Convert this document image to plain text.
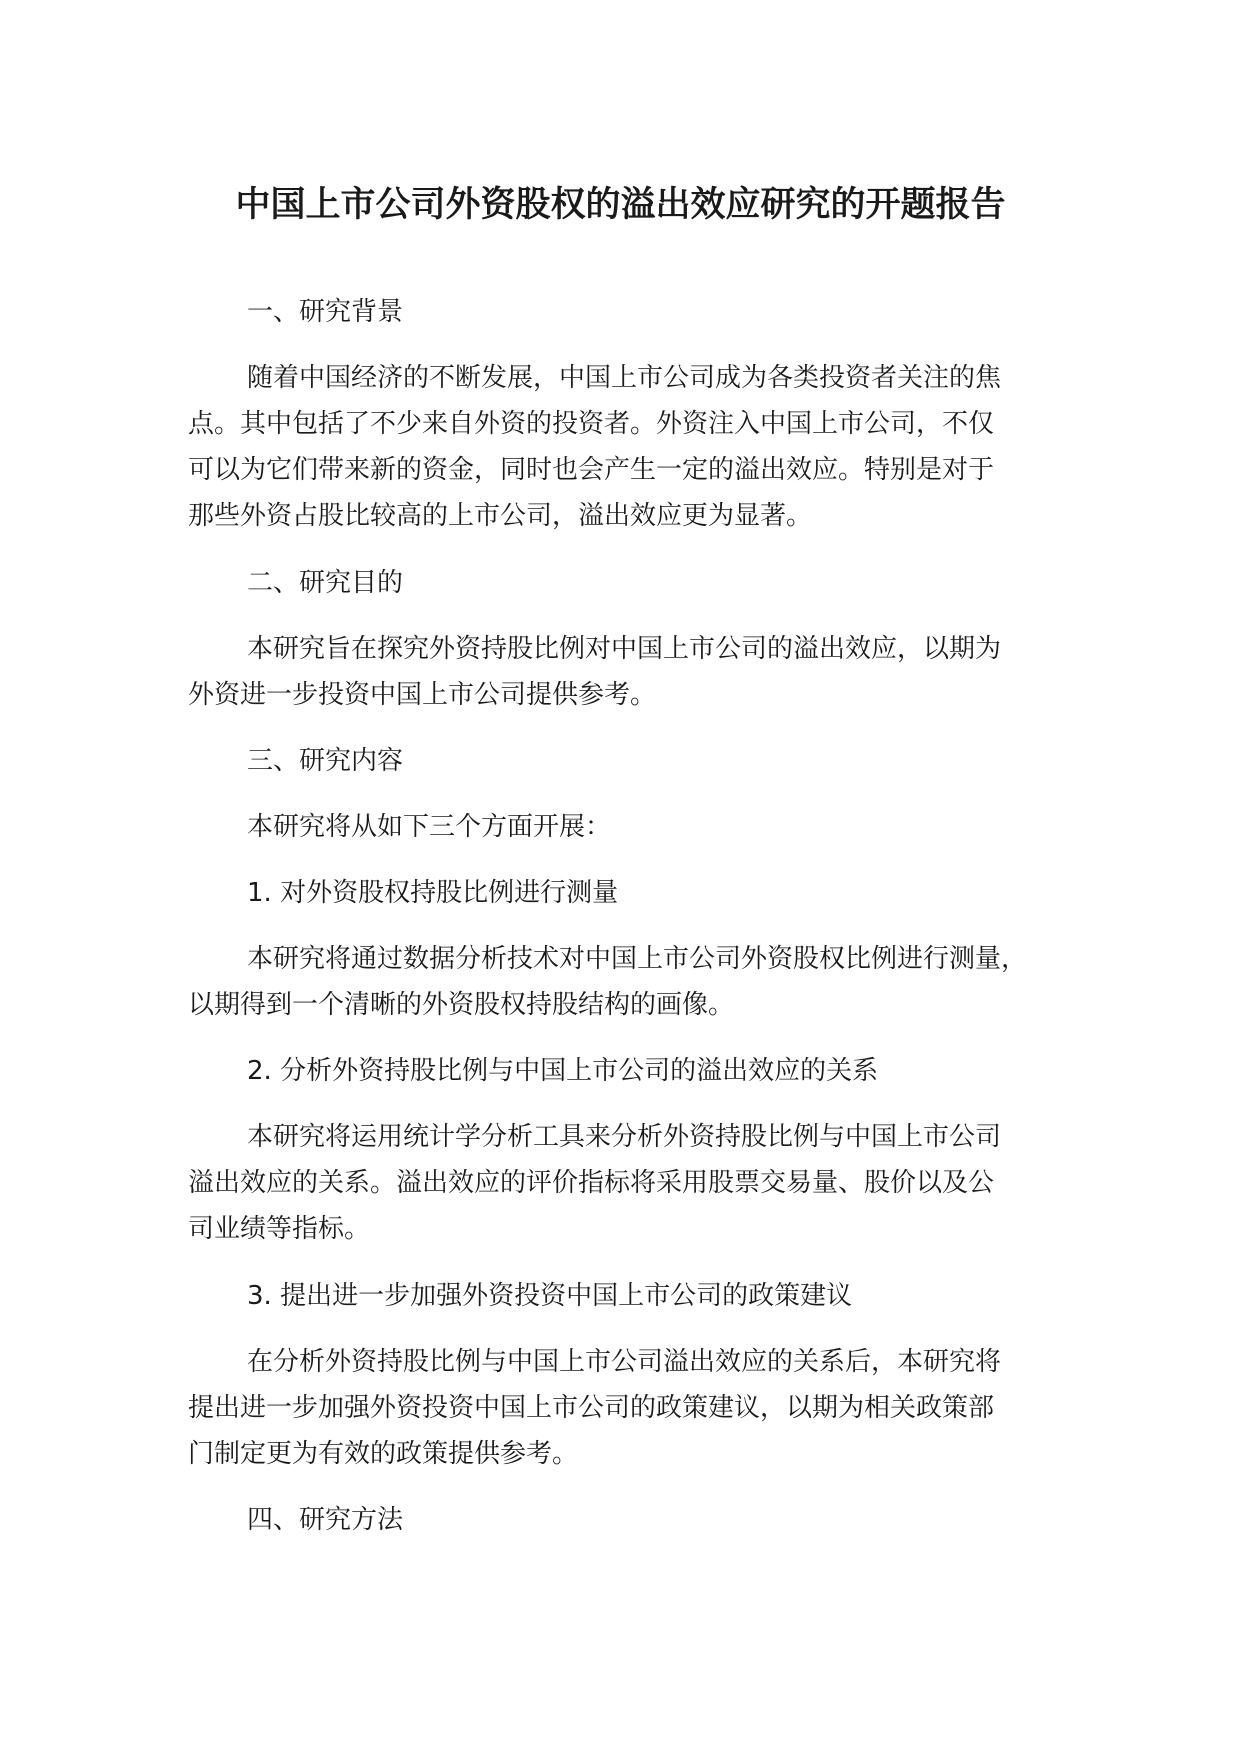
中国上市公司外资股权的溢出效应研究的开题报告
一、研究背景
随着中国经济的不断发展，中国上市公司成为各类投资者关注的焦
点。其中包括了不少来自外资的投资者。外资注入中国上市公司，不仅
可以为它们带来新的资金，同时也会产生一定的溢出效应。特别是对于
那些外资占股比较高的上市公司，溢出效应更为显著。
二、研究目的
本研究旨在探究外资持股比例对中国上市公司的溢出效应，以期为
外资进一步投资中国上市公司提供参考。
三、研究内容
本研究将从如下三个方面开展：
1. 对外资股权持股比例进行测量
本研究将通过数据分析技术对中国上市公司外资股权比例进行测量，
以期得到一个清晰的外资股权持股结构的画像。
2. 分析外资持股比例与中国上市公司的溢出效应的关系
本研究将运用统计学分析工具来分析外资持股比例与中国上市公司
溢出效应的关系。溢出效应的评价指标将采用股票交易量、股价以及公
司业绩等指标。
3. 提出进一步加强外资投资中国上市公司的政策建议
在分析外资持股比例与中国上市公司溢出效应的关系后，本研究将
提出进一步加强外资投资中国上市公司的政策建议，以期为相关政策部
门制定更为有效的政策提供参考。
四、研究方法
